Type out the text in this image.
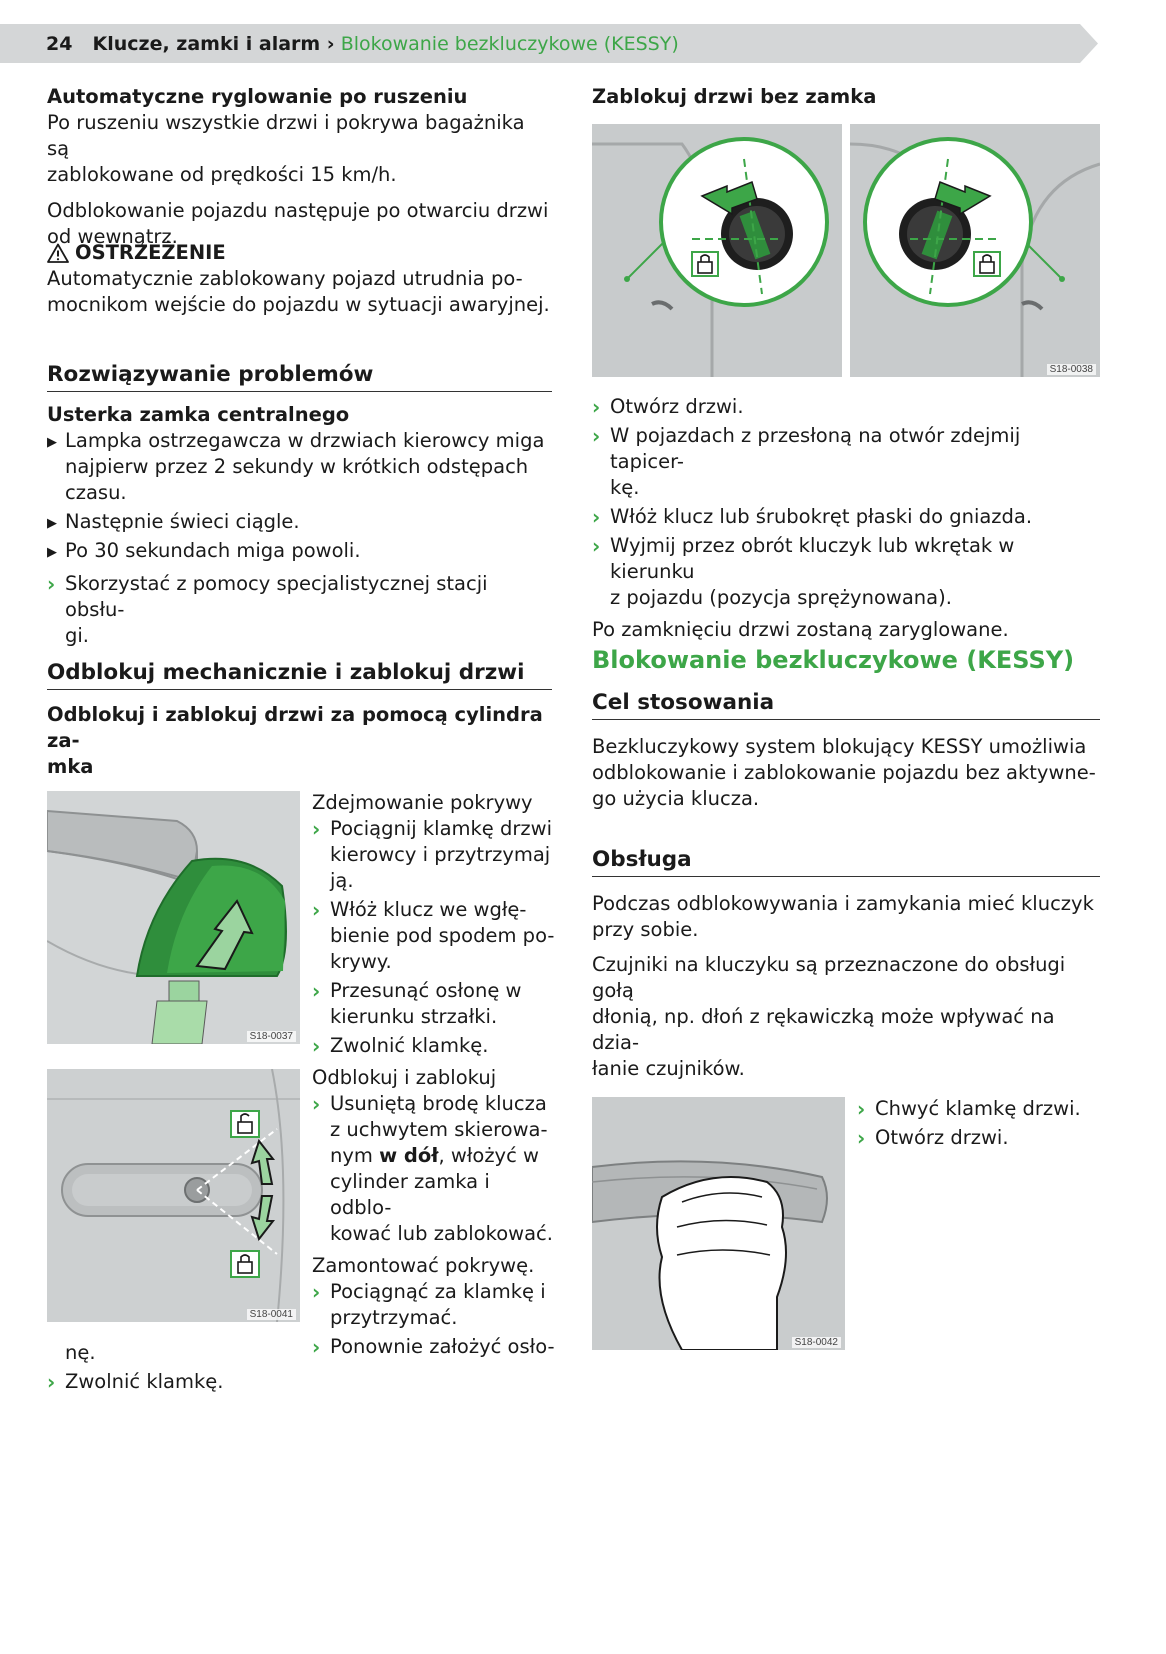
24 Klucze, zamki i alarm › Blokowanie bezkluczykowe (KESSY)
Automatyczne ryglowanie po ruszeniu
Po ruszeniu wszystkie drzwi i pokrywa bagażnika są
zablokowane od prędkości 15 km/h.
Odblokowanie pojazdu następuje po otwarciu drzwi
od wewnątrz.
OSTRZEŻENIE
Automatycznie zablokowany pojazd utrudnia po-
mocnikom wejście do pojazdu w sytuacji awaryjnej.
Rozwiązywanie problemów
Usterka zamka centralnego
▶ Lampka ostrzegawcza w drzwiach kierowcy miga
najpierw przez 2 sekundy w krótkich odstępach
czasu.
▶ Następnie świeci ciągle.
▶ Po 30 sekundach miga powoli.
› Skorzystać z pomocy specjalistycznej stacji obsłu-
gi.
Odblokuj mechanicznie i zablokuj drzwi
Odblokuj i zablokuj drzwi za pomocą cylindra za-
mka
S18-0037
S18-0041
Zdejmowanie pokrywy
› Pociągnij klamkę drzwi
kierowcy i przytrzymaj
ją.
› Włóż klucz we wgłę-
bienie pod spodem po-
krywy.
› Przesunąć osłonę w
kierunku strzałki.
› Zwolnić klamkę.
Odblokuj i zablokuj
› Usuniętą brodę klucza
z uchwytem skierowa-
nym w dół, włożyć w
cylinder zamka i odblo-
kować lub zablokować.
Zamontować pokrywę.
› Pociągnąć za klamkę i
przytrzymać.
› Ponownie założyć osło-
nę.
› Zwolnić klamkę.
Zablokuj drzwi bez zamka
S18-0038
› Otwórz drzwi.
› W pojazdach z przesłoną na otwór zdejmij tapicer-
kę.
› Włóż klucz lub śrubokręt płaski do gniazda.
› Wyjmij przez obrót kluczyk lub wkrętak w kierunku
z pojazdu (pozycja sprężynowana).
Po zamknięciu drzwi zostaną zaryglowane.
Blokowanie bezkluczykowe (KESSY)
Cel stosowania
Bezkluczykowy system blokujący KESSY umożliwia
odblokowanie i zablokowanie pojazdu bez aktywne-
go użycia klucza.
Obsługa
Podczas odblokowywania i zamykania mieć kluczyk
przy sobie.
Czujniki na kluczyku są przeznaczone do obsługi gołą
dłonią, np. dłoń z rękawiczką może wpływać na dzia-
łanie czujników.
S18-0042
› Chwyć klamkę drzwi.
› Otwórz drzwi.
